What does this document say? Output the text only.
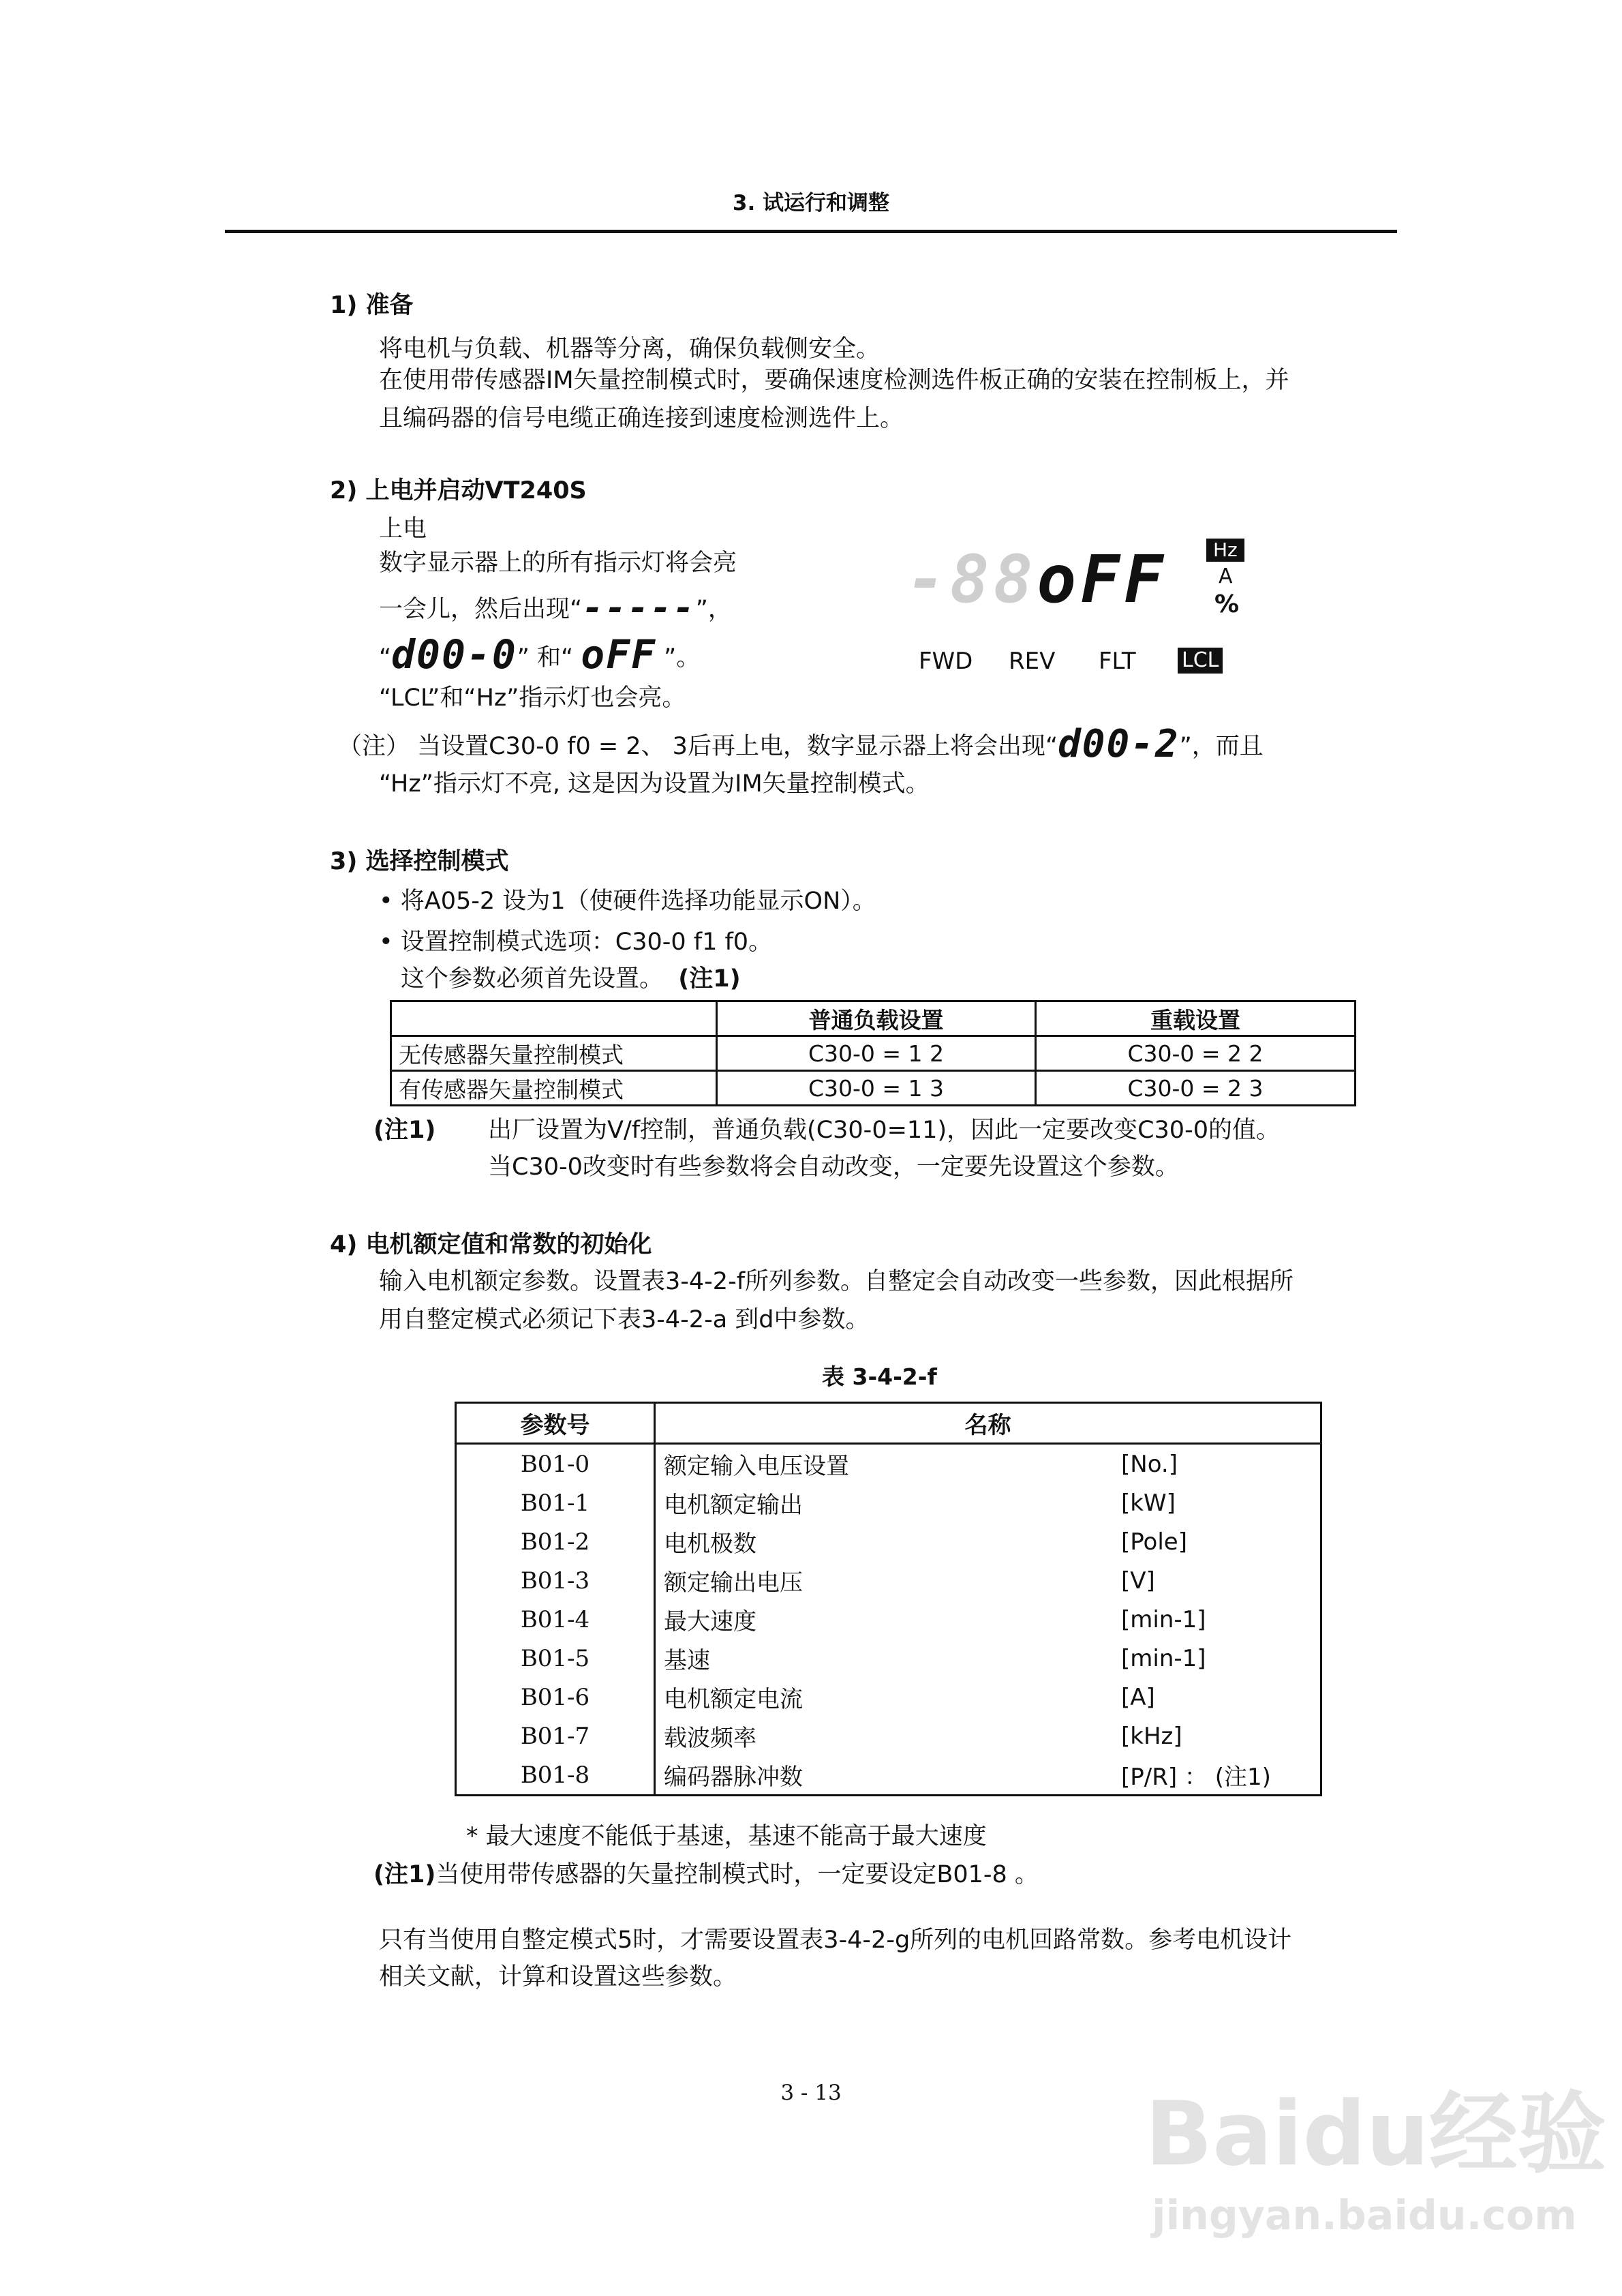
3. 试运行和调整
1) 准备
将电机与负载、机器等分离，确保负载侧安全。
在使用带传感器IM矢量控制模式时，要确保速度检测选件板正确的安装在控制板上，并
且编码器的信号电缆正确连接到速度检测选件上。
2) 上电并启动VT240S
上电
数字显示器上的所有指示灯将会亮
一会儿，然后出现“-----”，
“d00-0” 和“ oFF ”。
“LCL”和“Hz”指示灯也会亮。
-88oFF	Hz
A
%
FWD REV FLT LCL
（注） 当设置C30-0 f0 = 2、 3后再上电，数字显示器上将会出现“d00-2”，而且
“Hz”指示灯不亮, 这是因为设置为IM矢量控制模式。
3) 选择控制模式
• 将A05-2 设为1（使硬件选择功能显示ON）。
• 设置控制模式选项：C30-0 f1 f0。
这个参数必须首先设置。 (注1)
	普通负载设置	重载设置
无传感器矢量控制模式	C30-0 = 1 2	C30-0 = 2 2
有传感器矢量控制模式	C30-0 = 1 3	C30-0 = 2 3
(注1) 出厂设置为V/f控制，普通负载(C30-0=11)，因此一定要改变C30-0的值。
当C30-0改变时有些参数将会自动改变，一定要先设置这个参数。
4) 电机额定值和常数的初始化
输入电机额定参数。设置表3-4-2-f所列参数。自整定会自动改变一些参数，因此根据所
用自整定模式必须记下表3-4-2-a 到d中参数。
表 3-4-2-f
参数号	名称	
B01-0	额定输入电压设置	[No.]
B01-1	电机额定输出	[kW]
B01-2	电机极数	[Pole]
B01-3	额定输出电压	[V]
B01-4	最大速度	[min-1]
B01-5	基速	[min-1]
B01-6	电机额定电流	[A]
B01-7	载波频率	[kHz]
B01-8	编码器脉冲数	[P/R] ： (注1)
* 最大速度不能低于基速，基速不能高于最大速度
(注1)当使用带传感器的矢量控制模式时，一定要设定B01-8 。
只有当使用自整定模式5时，才需要设置表3-4-2-g所列的电机回路常数。参考电机设计
相关文献，计算和设置这些参数。
3 - 13	Baidu经验
jingyan.baidu.com
